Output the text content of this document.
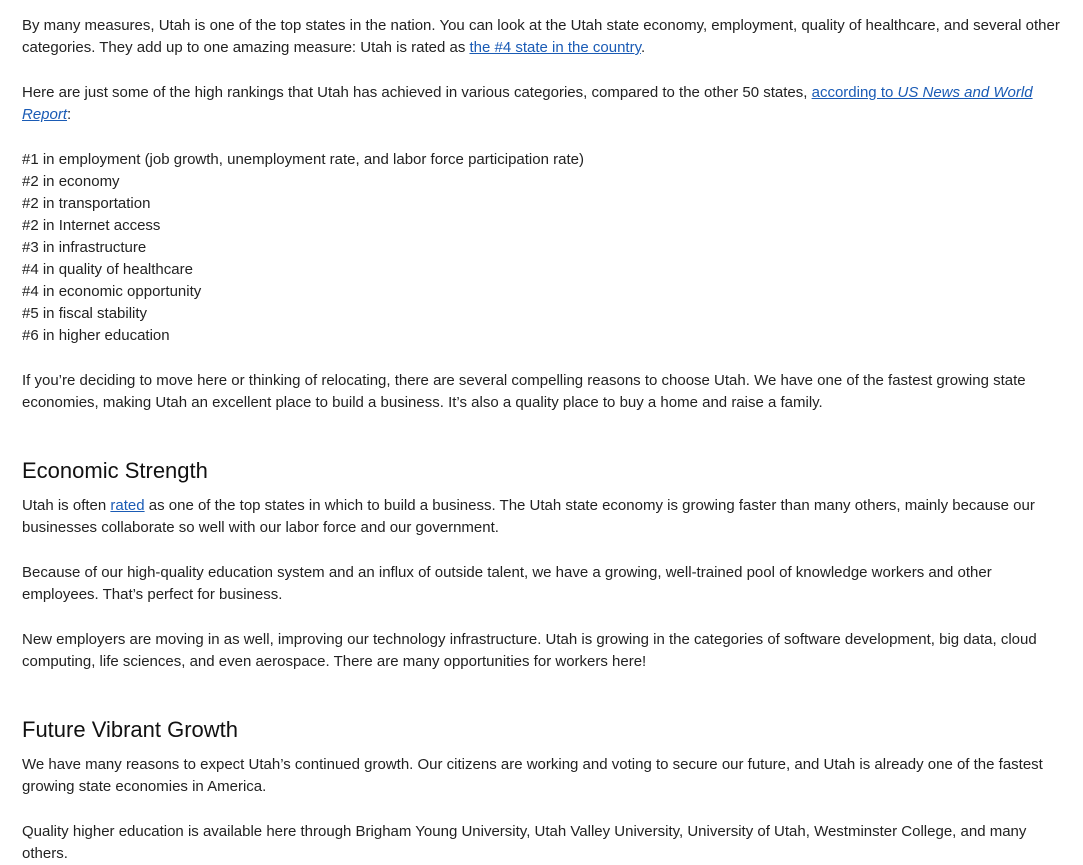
By many measures, Utah is one of the top states in the nation. You can look at the Utah state economy, employment, quality of healthcare, and several other categories. They add up to one amazing measure: Utah is rated as the #4 state in the country.

Here are just some of the high rankings that Utah has achieved in various categories, compared to the other 50 states, according to US News and World Report:

#1 in employment (job growth, unemployment rate, and labor force participation rate)
#2 in economy
#2 in transportation
#2 in Internet access
#3 in infrastructure
#4 in quality of healthcare
#4 in economic opportunity
#5 in fiscal stability
#6 in higher education

If you’re deciding to move here or thinking of relocating, there are several compelling reasons to choose Utah. We have one of the fastest growing state economies, making Utah an excellent place to build a business. It’s also a quality place to buy a home and raise a family.

Economic Strength

Utah is often rated as one of the top states in which to build a business. The Utah state economy is growing faster than many others, mainly because our businesses collaborate so well with our labor force and our government.

Because of our high-quality education system and an influx of outside talent, we have a growing, well-trained pool of knowledge workers and other employees. That’s perfect for business.

New employers are moving in as well, improving our technology infrastructure. Utah is growing in the categories of software development, big data, cloud computing, life sciences, and even aerospace. There are many opportunities for workers here!

Future Vibrant Growth

We have many reasons to expect Utah’s continued growth. Our citizens are working and voting to secure our future, and Utah is already one of the fastest growing state economies in America.

Quality higher education is available here through Brigham Young University, Utah Valley University, University of Utah, Westminster College, and many others.
